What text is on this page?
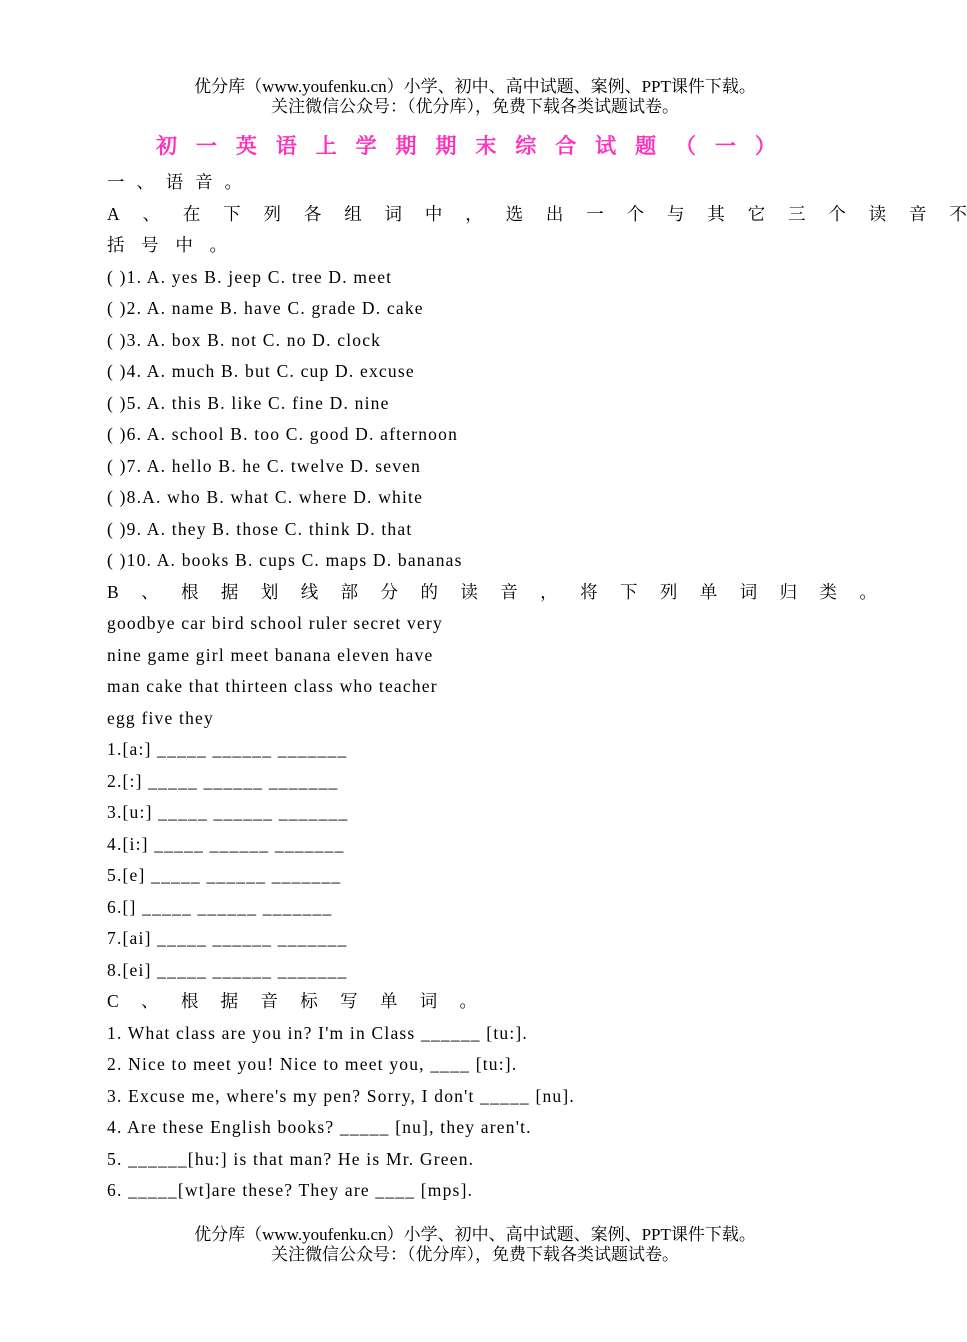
优分库（www.youfenku.cn）小学、初中、高中试题、案例、PPT课件下载。
关注微信公众号：（优分库），免费下载各类试题试卷。
初 一 英 语 上 学 期 期 末 综 合 试 题 （ 一 ）
一 、 语 音 。
A 、 在 下 列 各 组 词 中 ， 选 出 一 个 与 其 它 三 个 读 音 不
括 号 中 。
( )1. A. yes B. jeep C. tree D. meet
( )2. A. name B. have C. grade D. cake
( )3. A. box B. not C. no D. clock
( )4. A. much B. but C. cup D. excuse
( )5. A. this B. like C. fine D. nine
( )6. A. school B. too C. good D. afternoon
( )7. A. hello B. he C. twelve D. seven
( )8.A. who B. what C. where D. white
( )9. A. they B. those C. think D. that
( )10. A. books B. cups C. maps D. bananas
B 、 根 据 划 线 部 分 的 读 音 ， 将 下 列 单 词 归 类 。
goodbye car bird school ruler secret very
nine game girl meet banana eleven have
man cake that thirteen class who teacher
egg five they
1.[a:] _____ ______ _______
2.[:] _____ ______ _______
3.[u:] _____ ______ _______
4.[i:] _____ ______ _______
5.[e] _____ ______ _______
6.[] _____ ______ _______
7.[ai] _____ ______ _______
8.[ei] _____ ______ _______
C 、 根 据 音 标 写 单 词 。
1. What class are you in? I'm in Class ______ [tu:].
2. Nice to meet you! Nice to meet you, ____ [tu:].
3. Excuse me, where's my pen? Sorry, I don't _____ [nu].
4. Are these English books? _____ [nu], they aren't.
5. ______[hu:] is that man? He is Mr. Green.
6. _____[wt]are these? They are ____ [mps].
优分库（www.youfenku.cn）小学、初中、高中试题、案例、PPT课件下载。
关注微信公众号：（优分库），免费下载各类试题试卷。
